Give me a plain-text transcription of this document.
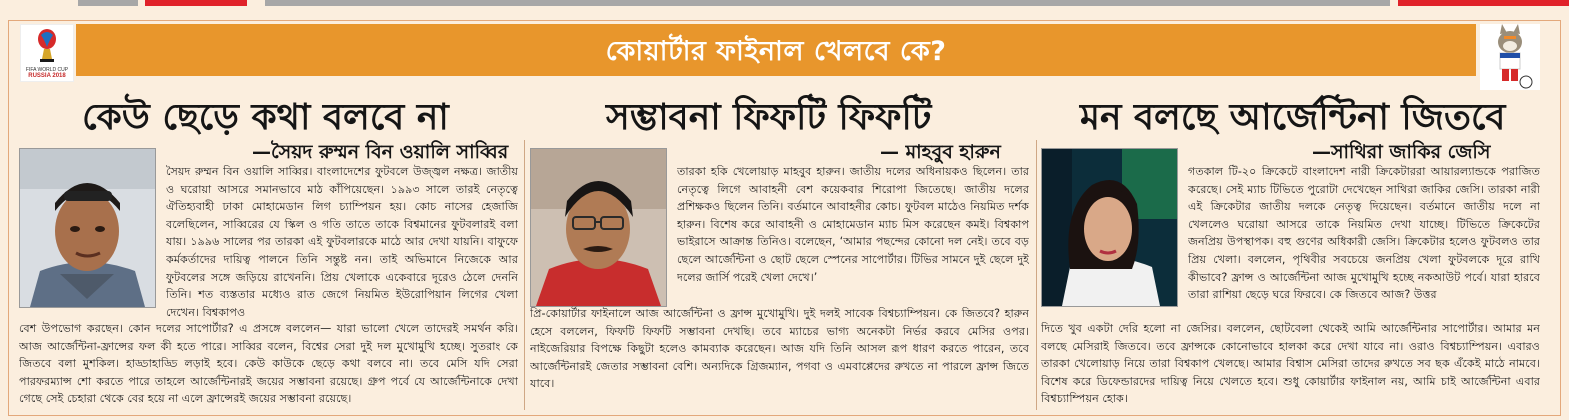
FIFA WORLD CUP
RUSSIA 2018
কোয়ার্টার ফাইনাল খেলবে কে?
কেউ ছেড়ে কথা বলবে না
—সৈয়দ রুম্মন বিন ওয়ালি সাব্বির

সৈয়দ রুম্মন বিন ওয়ালি সাব্বির। বাংলাদেশের ফুটবলে উজ্জ্বল নক্ষত্র। জাতীয় ও ঘরোয়া আসরে সমানভাবে মাঠ কাঁপিয়েছেন। ১৯৯৩ সালে তারই নেতৃত্বে ঐতিহ্যবাহী ঢাকা মোহামেডান লিগ চ্যাম্পিয়ন হয়। কোচ নাসের হেজাজি বলেছিলেন, সাব্বিরের যে স্কিল ও গতি তাতে তাকে বিশ্বমানের ফুটবলারই বলা যায়। ১৯৯৬ সালের পর তারকা এই ফুটবলারকে মাঠে আর দেখা যায়নি। বাফুফে কর্মকর্তাদের দায়িত্ব পালনে তিনি সন্তুষ্ট নন। তাই অভিমানে নিজেকে আর ফুটবলের সঙ্গে জড়িয়ে রাখেননি। প্রিয় খেলাকে একেবারে দূরেও ঠেলে দেননি তিনি। শত ব্যস্ততার মধ্যেও রাত জেগে নিয়মিত ইউরোপিয়ান লিগের খেলা দেখেন। বিশ্বকাপও

বেশ উপভোগ করছেন। কোন দলের সাপোর্টার? এ প্রসঙ্গে বললেন— যারা ভালো খেলে তাদেরই সমর্থন করি। আজ আর্জেন্টিনা-ফ্রান্সের ফল কী হতে পারে। সাব্বির বলেন, বিশ্বের সেরা দুই দল মুখোমুখি হচ্ছে। সুতরাং কে জিতবে বলা মুশকিল। হাড্ডাহাড্ডি লড়াই হবে। কেউ কাউকে ছেড়ে কথা বলবে না। তবে মেসি যদি সেরা পারফরম্যান্স শো করতে পারে তাহলে আর্জেন্টিনারই জয়ের সম্ভাবনা রয়েছে। গ্রুপ পর্বে যে আর্জেন্টিনাকে দেখা গেছে সেই চেহারা থেকে বের হয়ে না এলে ফ্রান্সেরই জয়ের সম্ভাবনা রয়েছে।

সম্ভাবনা ফিফটি ফিফটি
— মাহবুব হারুন

তারকা হকি খেলোয়াড় মাহবুব হারুন। জাতীয় দলের অধিনায়কও ছিলেন। তার নেতৃত্বে লিগে আবাহনী বেশ কয়েকবার শিরোপা জিতেছে। জাতীয় দলের প্রশিক্ষকও ছিলেন তিনি। বর্তমানে আবাহনীর কোচ। ফুটবল মাঠেও নিয়মিত দর্শক হারুন। বিশেষ করে আবাহনী ও মোহামেডান ম্যাচ মিস করেছেন কমই। বিশ্বকাপ ভাইরাসে আক্রান্ত তিনিও। বলেছেন, ‘আমার পছন্দের কোনো দল নেই। তবে বড় ছেলে আর্জেন্টিনা ও ছোট ছেলে স্পেনের সাপোর্টার। টিভির সামনে দুই ছেলে দুই দলের জার্সি পরেই খেলা দেখে।’

প্রি-কোয়ার্টার ফাইনালে আজ আর্জেন্টিনা ও ফ্রান্স মুখোমুখি। দুই দলই সাবেক বিশ্বচ্যাম্পিয়ন। কে জিতবে? হারুন হেসে বললেন, ফিফটি ফিফটি সম্ভাবনা দেখছি। তবে ম্যাচের ভাগ্য অনেকটা নির্ভর করবে মেসির ওপর। নাইজেরিয়ার বিপক্ষে কিছুটা হলেও কামব্যাক করেছেন। আজ যদি তিনি আসল রূপ ধারণ করতে পারেন, তবে আর্জেন্টিনারই জেতার সম্ভাবনা বেশি। অন্যদিকে গ্রিজম্যান, পগবা ও এমবাপ্পেদের রুখতে না পারলে ফ্রান্স জিতে যাবে।

মন বলছে আর্জেন্টিনা জিতবে
—সাথিরা জাকির জেসি

গতকাল টি-২০ ক্রিকেটে বাংলাদেশ নারী ক্রিকেটাররা আয়ারল্যান্ডকে পরাজিত করেছে। সেই ম্যাচ টিভিতে পুরোটা দেখেছেন সাথিরা জাকির জেসি। তারকা নারী এই ক্রিকেটার জাতীয় দলকে নেতৃত্ব দিয়েছেন। বর্তমানে জাতীয় দলে না খেললেও ঘরোয়া আসরে তাকে নিয়মিত দেখা যাচ্ছে। টিভিতে ক্রিকেটের জনপ্রিয় উপস্থাপক। বহু গুণের অধিকারী জেসি। ক্রিকেটার হলেও ফুটবলও তার প্রিয় খেলা। বললেন, পৃথিবীর সবচেয়ে জনপ্রিয় খেলা ফুটবলকে দূরে রাখি কীভাবে? ফ্রান্স ও আর্জেন্টিনা আজ মুখোমুখি হচ্ছে নকআউট পর্বে। যারা হারবে তারা রাশিয়া ছেড়ে ঘরে ফিরবে। কে জিতবে আজ? উত্তর

দিতে খুব একটা দেরি হলো না জেসির। বললেন, ছোটবেলা থেকেই আমি আর্জেন্টিনার সাপোর্টার। আমার মন বলছে মেসিরাই জিতবে। তবে ফ্রান্সকে কোনোভাবে হালকা করে দেখা যাবে না। ওরাও বিশ্বচ্যাম্পিয়ন। এবারও তারকা খেলোয়াড় নিয়ে তারা বিশ্বকাপ খেলছে। আমার বিশ্বাস মেসিরা তাদের রুখতে সব ছক এঁকেই মাঠে নামবে। বিশেষ করে ডিফেন্ডারদের দায়িত্ব নিয়ে খেলতে হবে। শুধু কোয়ার্টার ফাইনাল নয়, আমি চাই আর্জেন্টিনা এবার বিশ্বচ্যাম্পিয়ন হোক।
